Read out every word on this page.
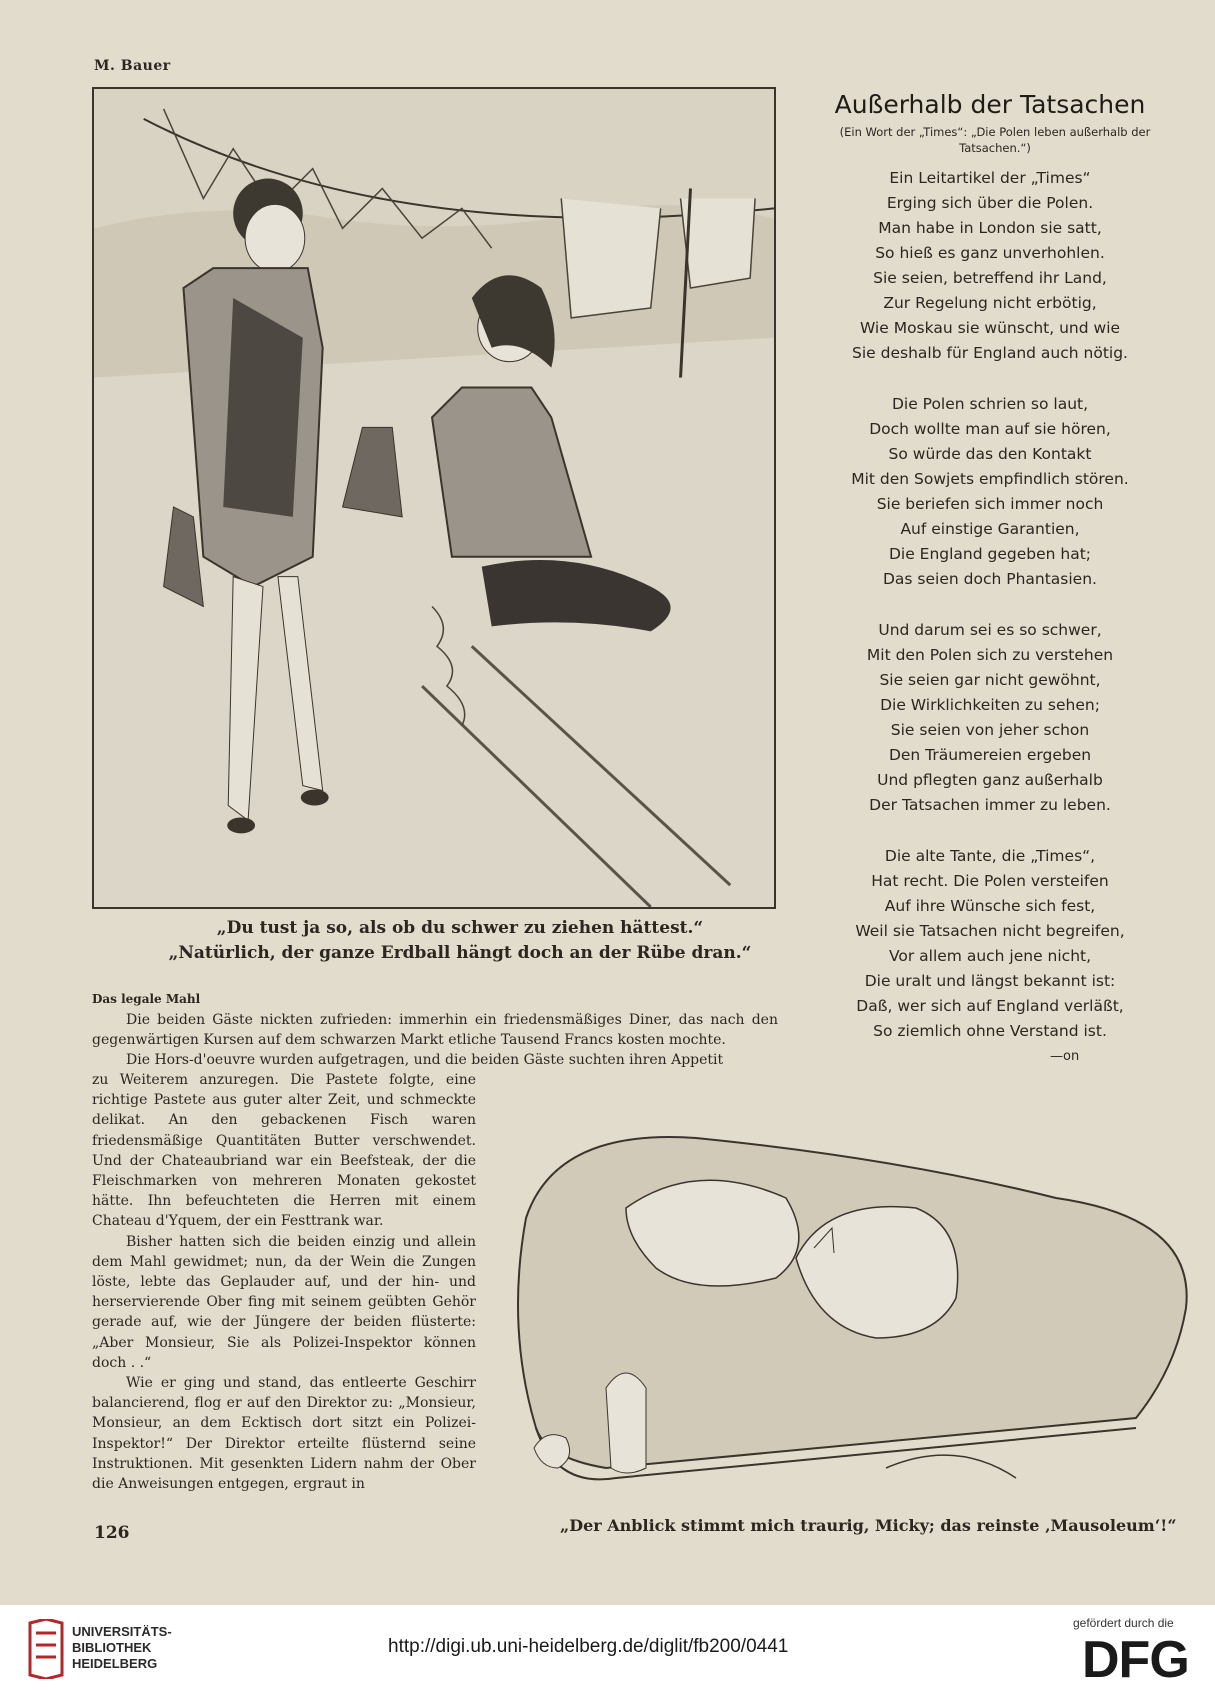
M. Bauer
„Du tust ja so, als ob du schwer zu ziehen hättest.“
„Natürlich, der ganze Erdball hängt doch an der Rübe dran.“
Außerhalb der Tatsachen
(Ein Wort der „Times“: „Die Polen leben außerhalb der
Tatsachen.“)
Ein Leitartikel der „Times“
Erging sich über die Polen.
Man habe in London sie satt,
So hieß es ganz unverhohlen.
Sie seien, betreffend ihr Land,
Zur Regelung nicht erbötig,
Wie Moskau sie wünscht, und wie
Sie deshalb für England auch nötig.
Die Polen schrien so laut,
Doch wollte man auf sie hören,
So würde das den Kontakt
Mit den Sowjets empfindlich stören.
Sie beriefen sich immer noch
Auf einstige Garantien,
Die England gegeben hat;
Das seien doch Phantasien.
Und darum sei es so schwer,
Mit den Polen sich zu verstehen
Sie seien gar nicht gewöhnt,
Die Wirklichkeiten zu sehen;
Sie seien von jeher schon
Den Träumereien ergeben
Und pflegten ganz außerhalb
Der Tatsachen immer zu leben.
Die alte Tante, die „Times“,
Hat recht. Die Polen versteifen
Auf ihre Wünsche sich fest,
Weil sie Tatsachen nicht begreifen,
Vor allem auch jene nicht,
Die uralt und längst bekannt ist:
Daß, wer sich auf England verläßt,
So ziemlich ohne Verstand ist.
—on
Das legale Mahl
Die beiden Gäste nickten zufrieden: immerhin ein friedensmäßiges Diner, das nach den gegenwärtigen Kursen auf dem schwarzen Markt etliche Tausend Francs kosten mochte.
Die Hors-d'oeuvre wurden aufgetragen, und die beiden Gäste suchten ihren Appetit
zu Weiterem anzuregen. Die Pastete folgte, eine richtige Pastete aus guter alter Zeit, und schmeckte delikat. An den gebackenen Fisch waren friedensmäßige Quantitäten Butter verschwendet. Und der Chateaubriand war ein Beefsteak, der die Fleischmarken von mehreren Monaten gekostet hätte. Ihn befeuchteten die Herren mit einem Chateau d'Yquem, der ein Festtrank war.
Bisher hatten sich die beiden einzig und allein dem Mahl gewidmet; nun, da der Wein die Zungen löste, lebte das Geplauder auf, und der hin- und herservierende Ober fing mit seinem geübten Gehör gerade auf, wie der Jüngere der beiden flüsterte: „Aber Monsieur, Sie als Polizei-Inspektor können doch . .“
Wie er ging und stand, das entleerte Geschirr balancierend, flog er auf den Direktor zu: „Monsieur, Monsieur, an dem Ecktisch dort sitzt ein Polizei-Inspektor!“ Der Direktor erteilte flüsternd seine Instruktionen. Mit gesenkten Lidern nahm der Ober die Anweisungen entgegen, ergraut in
126	„Der Anblick stimmt mich traurig, Micky; das reinste ‚Mausoleum‘!“
UNIVERSITÄTS-
BIBLIOTHEK
HEIDELBERG
http://digi.ub.uni-heidelberg.de/diglit/fb200/0441
gefördert durch die
DFG
